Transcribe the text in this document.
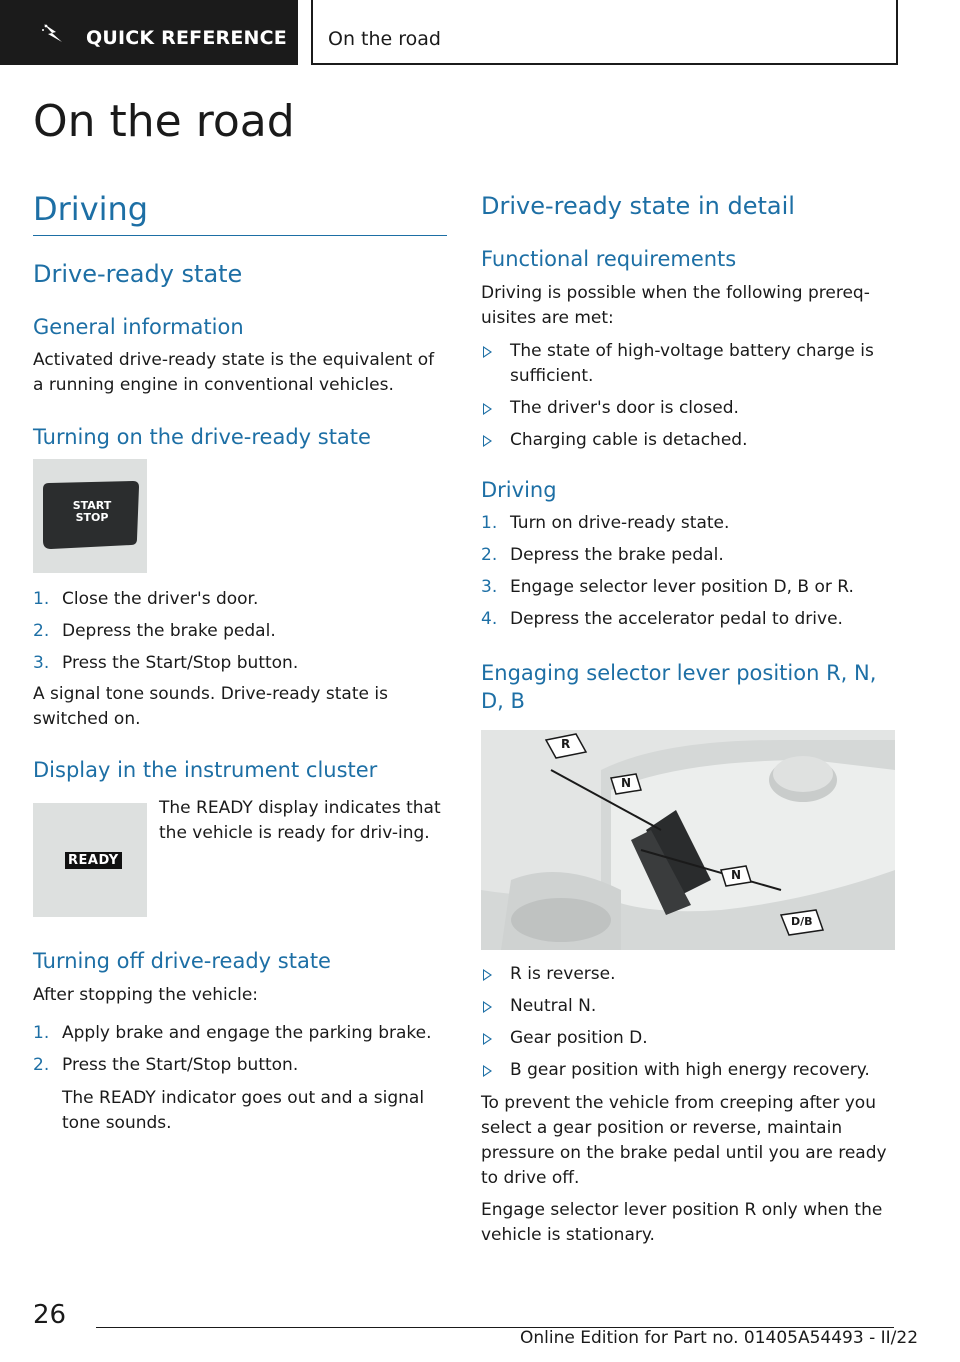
QUICK REFERENCE On the road
On the road
Driving
Drive-ready state
General information

Activated drive-ready state is the equivalent of a running engine in conventional vehicles.

Turning on the drive-ready state
START
STOP
1. Close the driver's door.
2. Depress the brake pedal.
3. Press the Start/Stop button.

A signal tone sounds. Drive-ready state is switched on.

Display in the instrument cluster
READY

The READY display indicates that the vehicle is ready for driv-ing.

Turning off drive-ready state

After stopping the vehicle:

1. Apply brake and engage the parking brake.
2. Press the Start/Stop button.

The READY indicator goes out and a signal tone sounds.

Drive-ready state in detail
Functional requirements

Driving is possible when the following prereq-uisites are met:

The state of high-voltage battery charge is sufficient.
The driver's door is closed.
Charging cable is detached.
Driving
1. Turn on drive-ready state.
2. Depress the brake pedal.
3. Engage selector lever position D, B or R.
4. Depress the accelerator pedal to drive.
Engaging selector lever position R, N, D, B
R
N
N
D/B
R is reverse.
Neutral N.
Gear position D.
B gear position with high energy recovery.

To prevent the vehicle from creeping after you select a gear position or reverse, maintain pressure on the brake pedal until you are ready to drive off.

Engage selector lever position R only when the vehicle is stationary.

26
Online Edition for Part no. 01405A54493 - II/22
